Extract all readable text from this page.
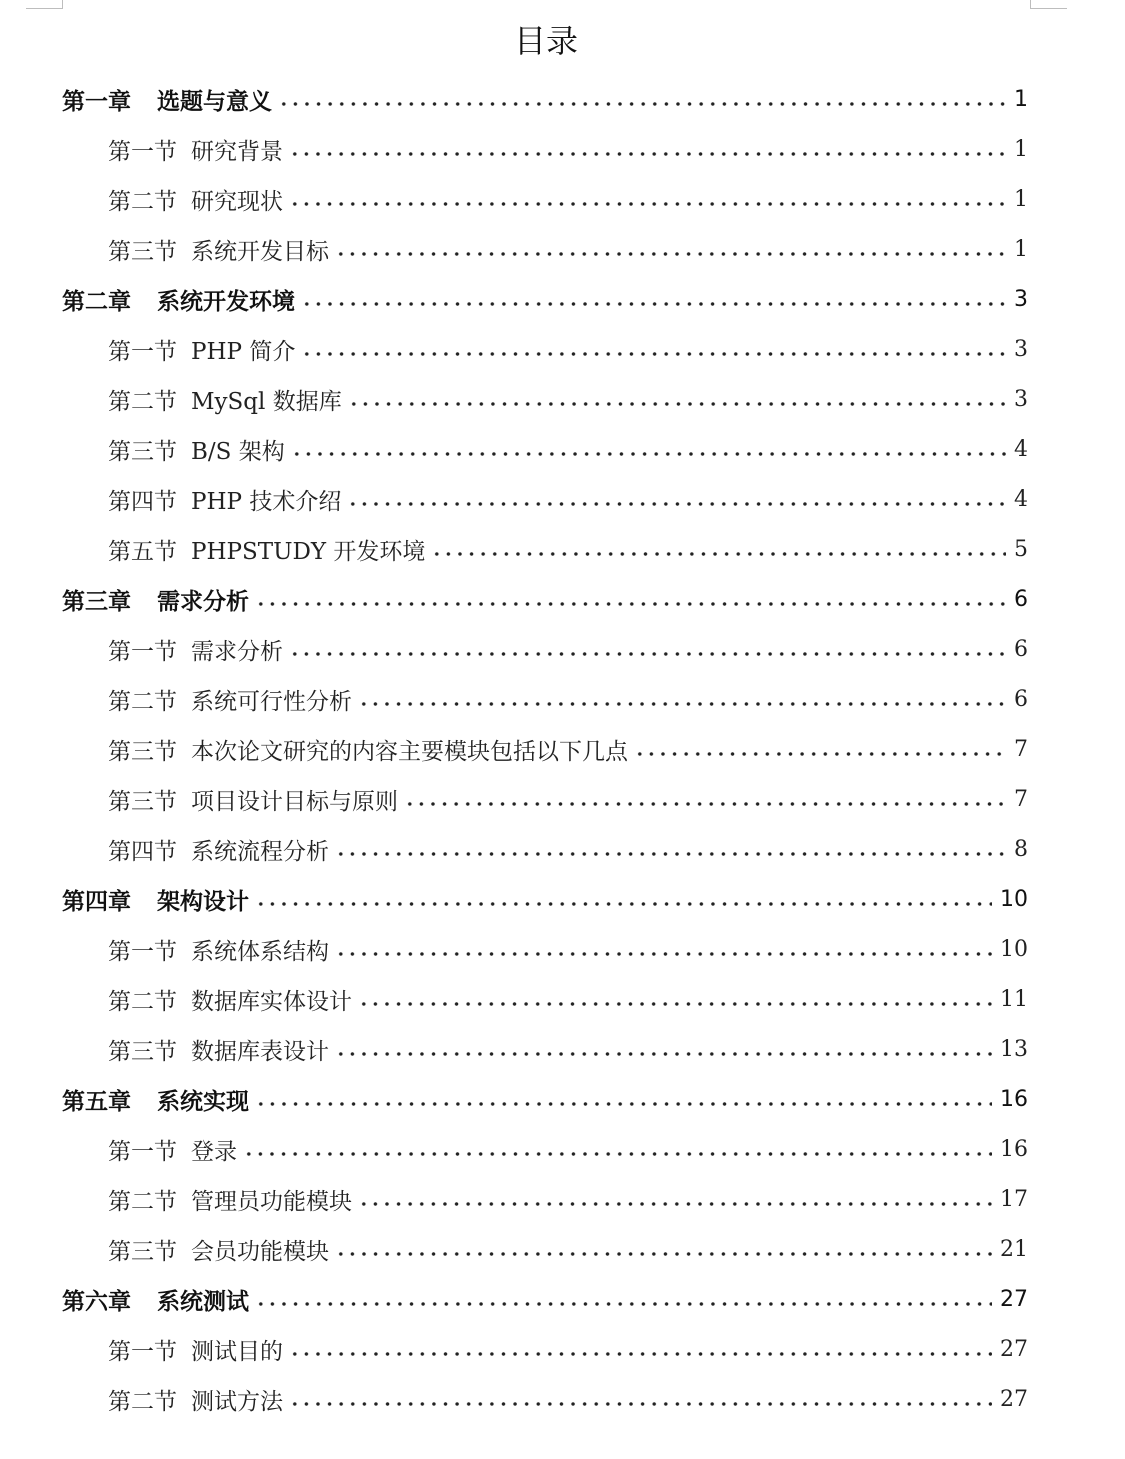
目录
第一章 选题与意义	1
第一节 研究背景	1
第二节 研究现状	1
第三节 系统开发目标	1
第二章 系统开发环境	3
第一节 PHP 简介	3
第二节 MySql 数据库	3
第三节 B/S 架构	4
第四节 PHP 技术介绍	4
第五节 PHPSTUDY 开发环境	5
第三章 需求分析	6
第一节 需求分析	6
第二节 系统可行性分析	6
第三节 本次论文研究的内容主要模块包括以下几点	7
第三节 项目设计目标与原则	7
第四节 系统流程分析	8
第四章 架构设计	10
第一节 系统体系结构	10
第二节 数据库实体设计	11
第三节 数据库表设计	13
第五章 系统实现	16
第一节 登录	16
第二节 管理员功能模块	17
第三节 会员功能模块	21
第六章 系统测试	27
第一节 测试目的	27
第二节 测试方法	27
